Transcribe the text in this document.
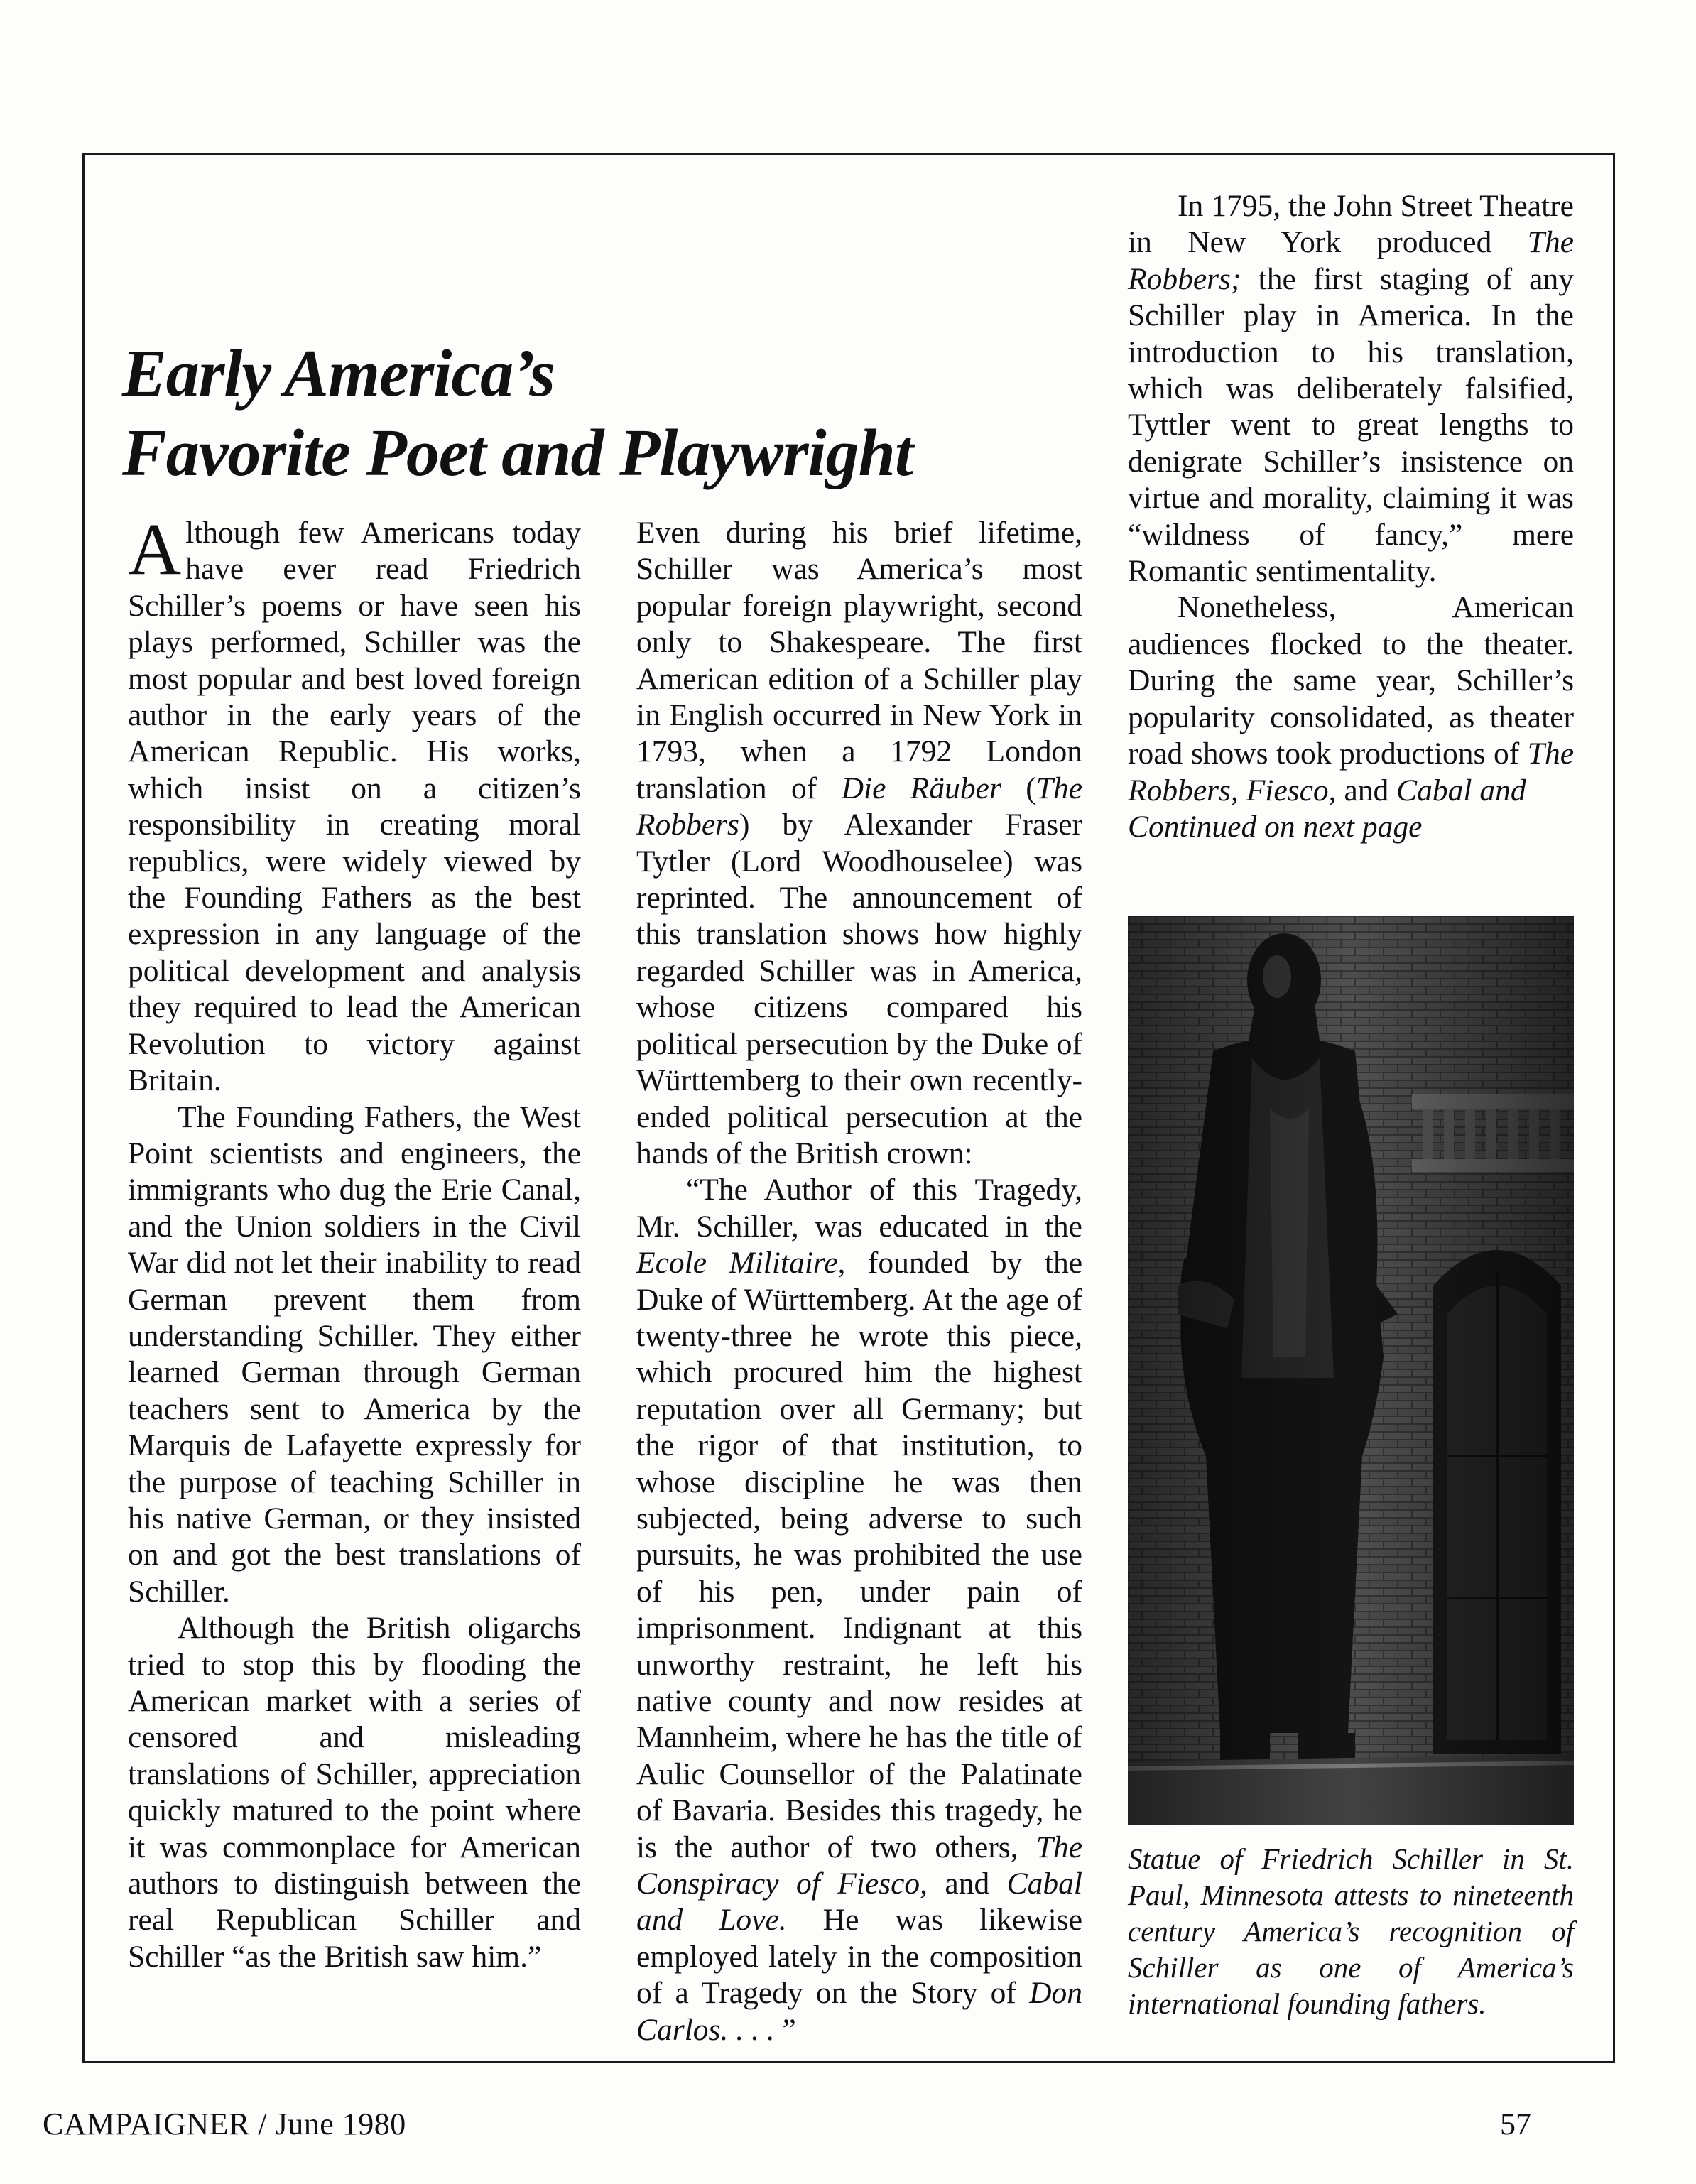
Early America’s
Favorite Poet and Playwright

Although few Americans today have ever read Friedrich Schiller’s poems or have seen his plays performed, Schiller was the most popular and best loved foreign author in the early years of the American Republic. His works, which insist on a citizen’s responsibility in creating moral republics, were widely viewed by the Founding Fathers as the best expression in any language of the political development and analysis they required to lead the American Revolution to victory against Britain.

The Founding Fathers, the West Point scientists and engineers, the immigrants who dug the Erie Canal, and the Union soldiers in the Civil War did not let their inability to read German prevent them from understanding Schiller. They either learned German through German teachers sent to America by the Marquis de Lafayette expressly for the purpose of teaching Schiller in his native German, or they insisted on and got the best translations of Schiller.

Although the British oligarchs tried to stop this by flooding the American market with a series of censored and misleading translations of Schiller, appreciation quickly matured to the point where it was commonplace for American authors to distinguish between the real Republican Schiller and Schiller “as the British saw him.”

Even during his brief lifetime, Schiller was America’s most popular foreign playwright, second only to Shakespeare. The first American edition of a Schiller play in English occurred in New York in 1793, when a 1792 London translation of Die Räuber (The Robbers) by Alexander Fraser Tytler (Lord Woodhouselee) was reprinted. The announcement of this translation shows how highly regarded Schiller was in America, whose citizens compared his political persecution by the Duke of Württemberg to their own recently-ended political persecution at the hands of the British crown:

“The Author of this Tragedy, Mr. Schiller, was educated in the Ecole Militaire, founded by the Duke of Württemberg. At the age of twenty-three he wrote this piece, which procured him the highest reputation over all Germany; but the rigor of that institution, to whose discipline he was then subjected, being adverse to such pursuits, he was prohibited the use of his pen, under pain of imprisonment. Indignant at this unworthy restraint, he left his native county and now resides at Mannheim, where he has the title of Aulic Counsellor of the Palatinate of Bavaria. Besides this tragedy, he is the author of two others, The Conspiracy of Fiesco, and Cabal and Love. He was likewise employed lately in the composition of a Tragedy on the Story of Don Carlos. . . . ”

In 1795, the John Street Theatre in New York produced The Robbers; the first staging of any Schiller play in America. In the introduction to his translation, which was deliberately falsified, Tyttler went to great lengths to denigrate Schiller’s insistence on virtue and morality, claiming it was “wildness of fancy,” mere Romantic sentimentality.

Nonetheless, American audiences flocked to the theater. During the same year, Schiller’s popularity consolidated, as theater road shows took productions of The Robbers, Fiesco, and Cabal and

Continued on next page

Statue of Friedrich Schiller in St. Paul, Minnesota attests to nineteenth century America’s recognition of Schiller as one of America’s international founding fathers.

CAMPAIGNER / June 1980	57
